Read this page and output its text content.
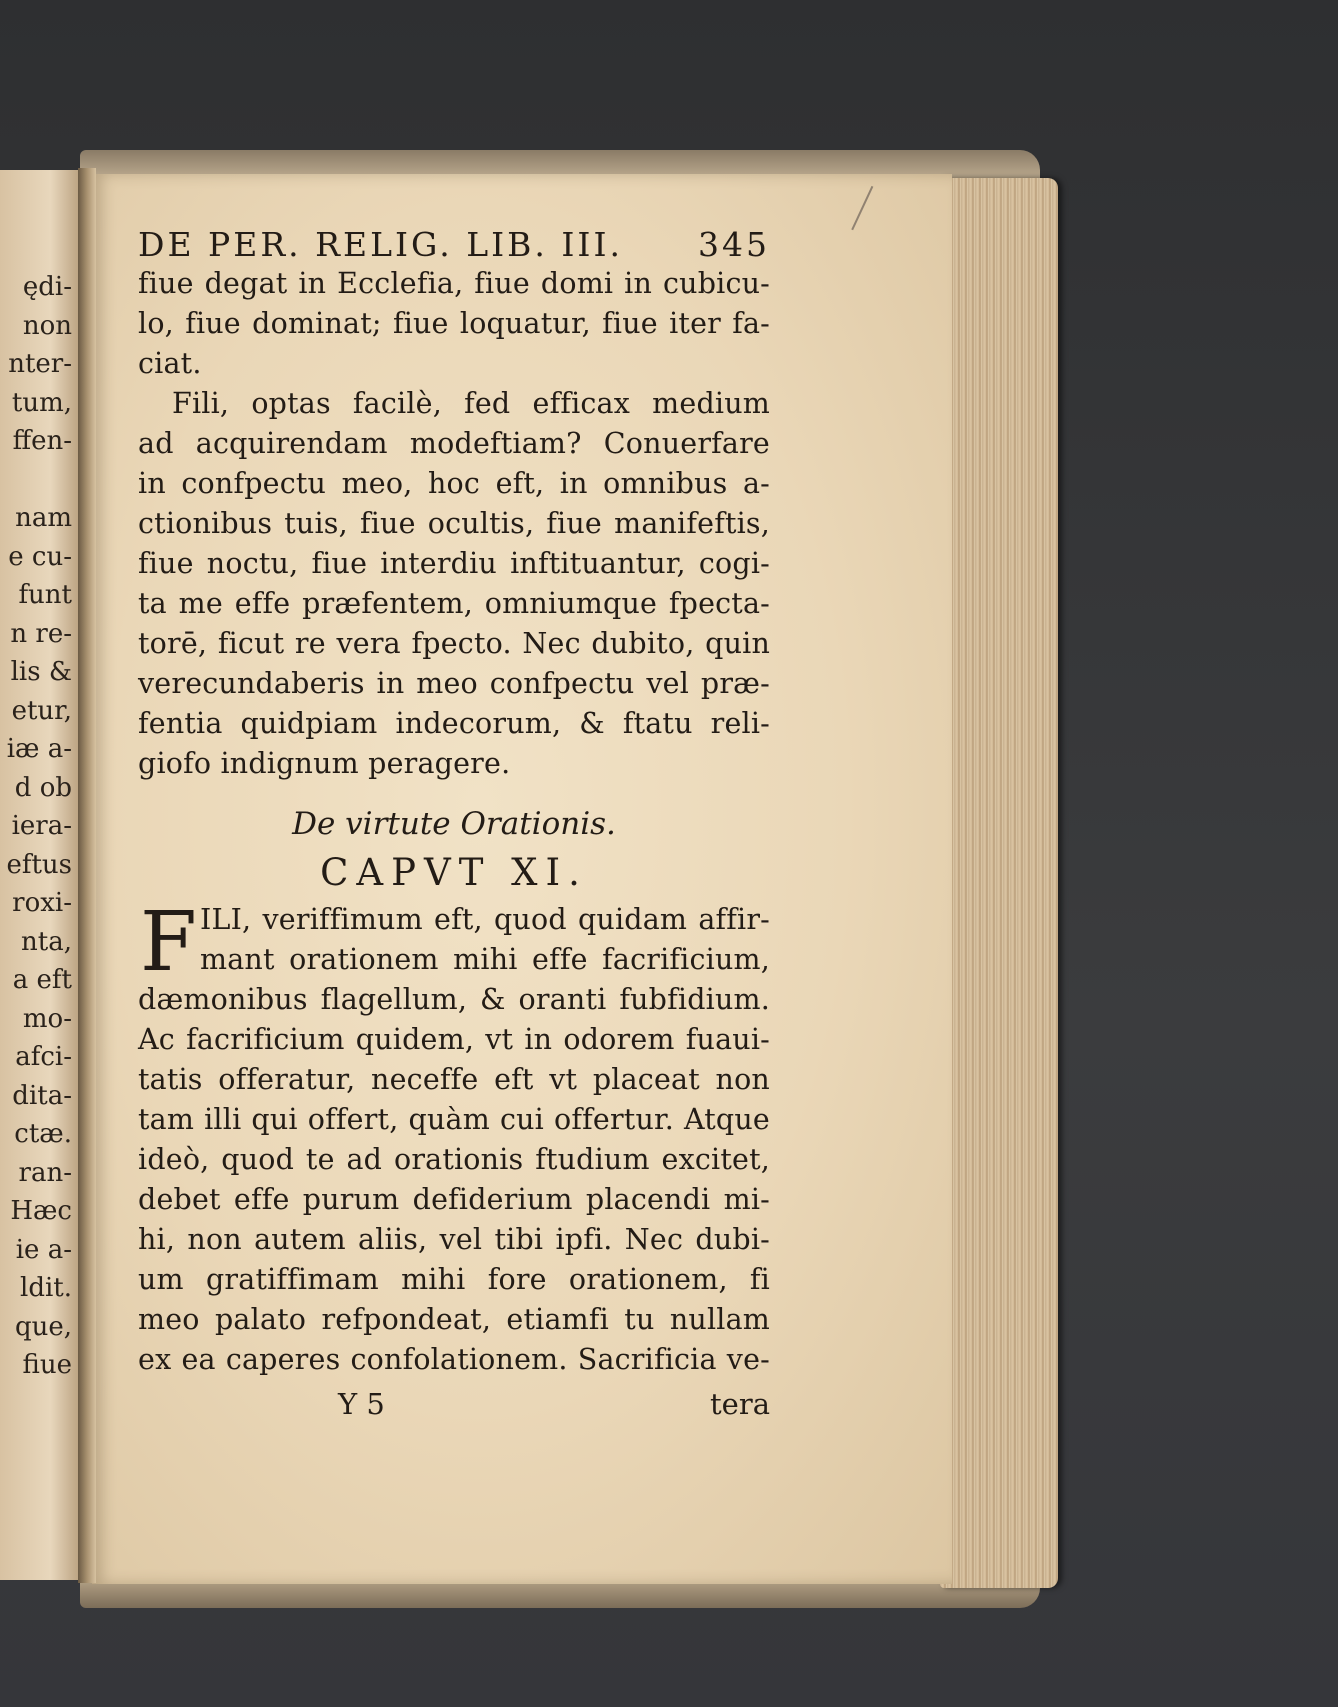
ędi-
non
nter-
tum,
ffen-
nam
e cu-
funt
n re-
lis &
etur,
iæ a-
d ob
iera-
eftus
roxi-
nta,
a eft
mo-
afci-
dita-
ctæ.
ran-
Hæc
ie a-
ldit.
que,
fiue
DE PER. RELIG. LIB. III. 345
fiue degat in Ecclefia, fiue domi in cubicu-
lo, fiue dominat; fiue loquatur, fiue iter fa-
ciat.
Fili, optas facilè, fed efficax medium
ad acquirendam modeftiam? Conuerfare
in confpectu meo, hoc eft, in omnibus a-
ctionibus tuis, fiue ocultis, fiue manifeftis,
fiue noctu, fiue interdiu inftituantur, cogi-
ta me effe præfentem, omniumque fpecta-
torē, ficut re vera fpecto. Nec dubito, quin
verecundaberis in meo confpectu vel præ-
fentia quidpiam indecorum, & ftatu reli-
giofo indignum peragere.
De virtute Orationis.
CAPVT XI.
F ILI, veriffimum eft, quod quidam affir-
mant orationem mihi effe facrificium,
dæmonibus flagellum, & oranti fubfidium.
Ac facrificium quidem, vt in odorem fuaui-
tatis offeratur, neceffe eft vt placeat non
tam illi qui offert, quàm cui offertur. Atque
ideò, quod te ad orationis ftudium excitet,
debet effe purum defiderium placendi mi-
hi, non autem aliis, vel tibi ipfi. Nec dubi-
um gratiffimam mihi fore orationem, fi
meo palato refpondeat, etiamfi tu nullam
ex ea caperes confolationem. Sacrificia ve-
Y 5	tera
